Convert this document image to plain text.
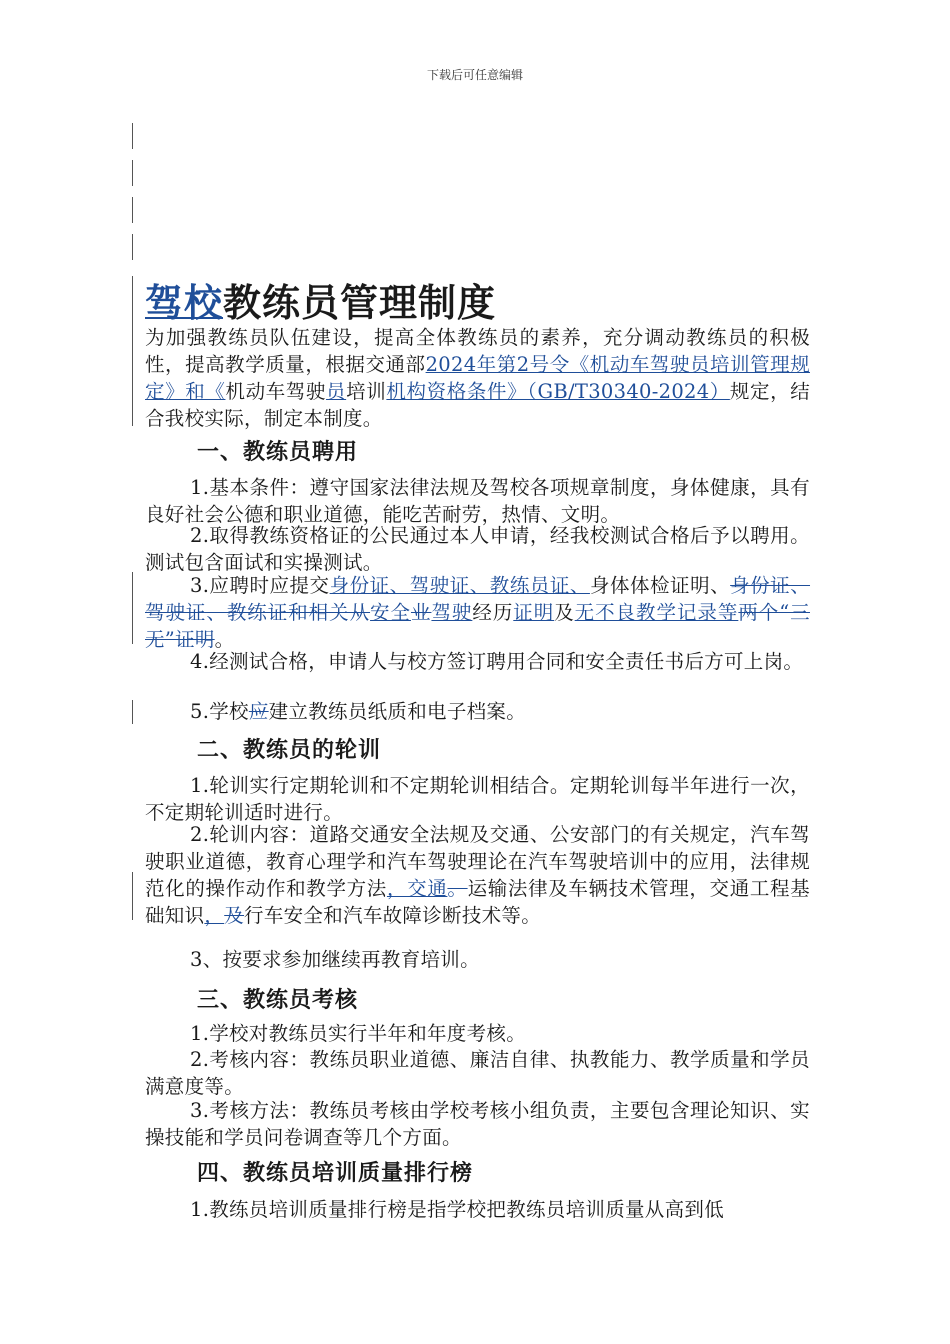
下载后可任意编辑
驾校教练员管理制度
为加强教练员队伍建设，提高全体教练员的素养，充分调动教练员的积极性，提高教学质量，根据交通部2024年第2号令《机动车驾驶员培训管理规定》和《机动车驾驶员培训机构资格条件》（GB/T30340-2024）规定，结合我校实际，制定本制度。
一、教练员聘用
1.基本条件：遵守国家法律法规及驾校各项规章制度，身体健康，具有良好社会公德和职业道德，能吃苦耐劳，热情、文明。
2.取得教练资格证的公民通过本人申请，经我校测试合格后予以聘用。测试包含面试和实操测试。
3.应聘时应提交身份证、驾驶证、教练员证、身体体检证明、身份证、驾驶证、教练证和相关从安全业驾驶经历证明及无不良教学记录等两个“三无”证明。
4.经测试合格，申请人与校方签订聘用合同和安全责任书后方可上岗。
5.学校应建立教练员纸质和电子档案。
二、教练员的轮训
1.轮训实行定期轮训和不定期轮训相结合。定期轮训每半年进行一次，不定期轮训适时进行。
2.轮训内容：道路交通安全法规及交通、公安部门的有关规定，汽车驾驶职业道德，教育心理学和汽车驾驶理论在汽车驾驶培训中的应用，法律规范化的操作动作和教学方法，交通。运输法律及车辆技术管理，交通工程基础知识，及行车安全和汽车故障诊断技术等。
3、按要求参加继续再教育培训。
三、教练员考核
1.学校对教练员实行半年和年度考核。
2.考核内容：教练员职业道德、廉洁自律、执教能力、教学质量和学员满意度等。
3.考核方法：教练员考核由学校考核小组负责，主要包含理论知识、实操技能和学员问卷调查等几个方面。
四、教练员培训质量排行榜
1.教练员培训质量排行榜是指学校把教练员培训质量从高到低
